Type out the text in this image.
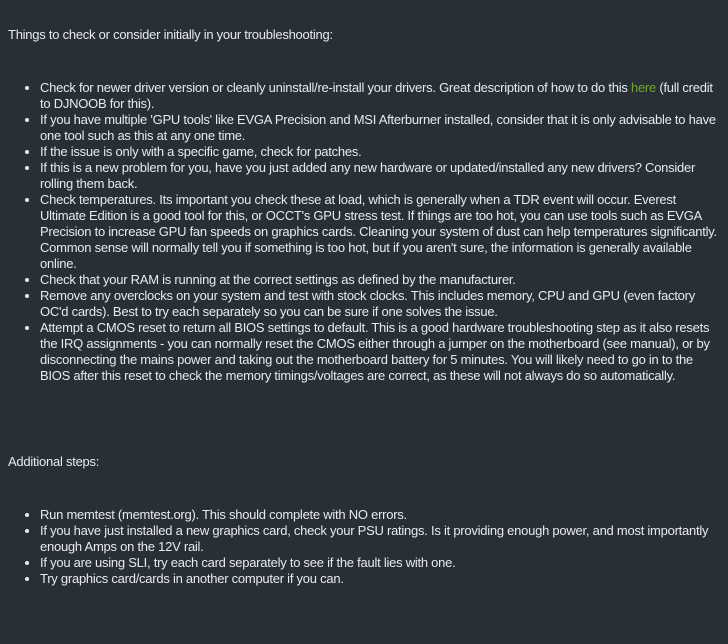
Things to check or consider initially in your troubleshooting:

• Check for newer driver version or cleanly uninstall/re-install your drivers. Great description of how to do this here (full credit to DJNOOB for this).
• If you have multiple 'GPU tools' like EVGA Precision and MSI Afterburner installed, consider that it is only advisable to have one tool such as this at any one time.
• If the issue is only with a specific game, check for patches.
• If this is a new problem for you, have you just added any new hardware or updated/installed any new drivers? Consider rolling them back.
• Check temperatures. Its important you check these at load, which is generally when a TDR event will occur. Everest Ultimate Edition is a good tool for this, or OCCT's GPU stress test. If things are too hot, you can use tools such as EVGA Precision to increase GPU fan speeds on graphics cards. Cleaning your system of dust can help temperatures significantly. Common sense will normally tell you if something is too hot, but if you aren't sure, the information is generally available online.
• Check that your RAM is running at the correct settings as defined by the manufacturer.
• Remove any overclocks on your system and test with stock clocks. This includes memory, CPU and GPU (even factory OC'd cards). Best to try each separately so you can be sure if one solves the issue.
• Attempt a CMOS reset to return all BIOS settings to default. This is a good hardware troubleshooting step as it also resets the IRQ assignments - you can normally reset the CMOS either through a jumper on the motherboard (see manual), or by disconnecting the mains power and taking out the motherboard battery for 5 minutes. You will likely need to go in to the BIOS after this reset to check the memory timings/voltages are correct, as these will not always do so automatically.

Additional steps:

• Run memtest (memtest.org). This should complete with NO errors.
• If you have just installed a new graphics card, check your PSU ratings. Is it providing enough power, and most importantly enough Amps on the 12V rail.
• If you are using SLI, try each card separately to see if the fault lies with one.
• Try graphics card/cards in another computer if you can.
